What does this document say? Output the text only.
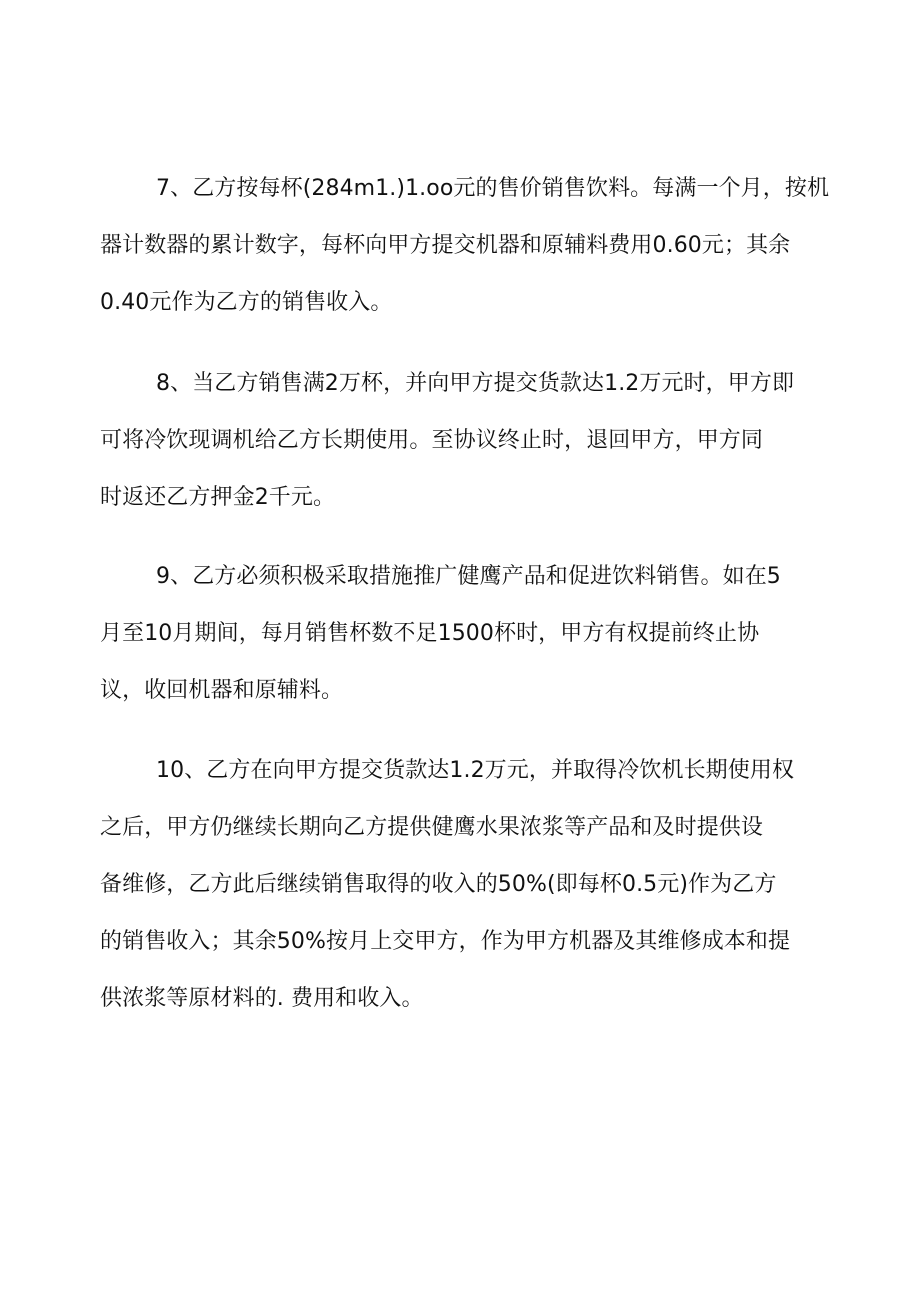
7、乙方按每杯(284m1.)1.oo元的售价销售饮料。每满一个月，按机
器计数器的累计数字，每杯向甲方提交机器和原辅料费用0.60元；其余
0.40元作为乙方的销售收入。

8、当乙方销售满2万杯，并向甲方提交货款达1.2万元时，甲方即
可将冷饮现调机给乙方长期使用。至协议终止时，退回甲方，甲方同
时返还乙方押金2千元。

9、乙方必须积极采取措施推广健鹰产品和促进饮料销售。如在5
月至10月期间，每月销售杯数不足1500杯时，甲方有权提前终止协
议，收回机器和原辅料。

10、乙方在向甲方提交货款达1.2万元，并取得冷饮机长期使用权
之后，甲方仍继续长期向乙方提供健鹰水果浓浆等产品和及时提供设
备维修，乙方此后继续销售取得的收入的50%(即每杯0.5元)作为乙方
的销售收入；其余50%按月上交甲方，作为甲方机器及其维修成本和提
供浓浆等原材料的. 费用和收入。
